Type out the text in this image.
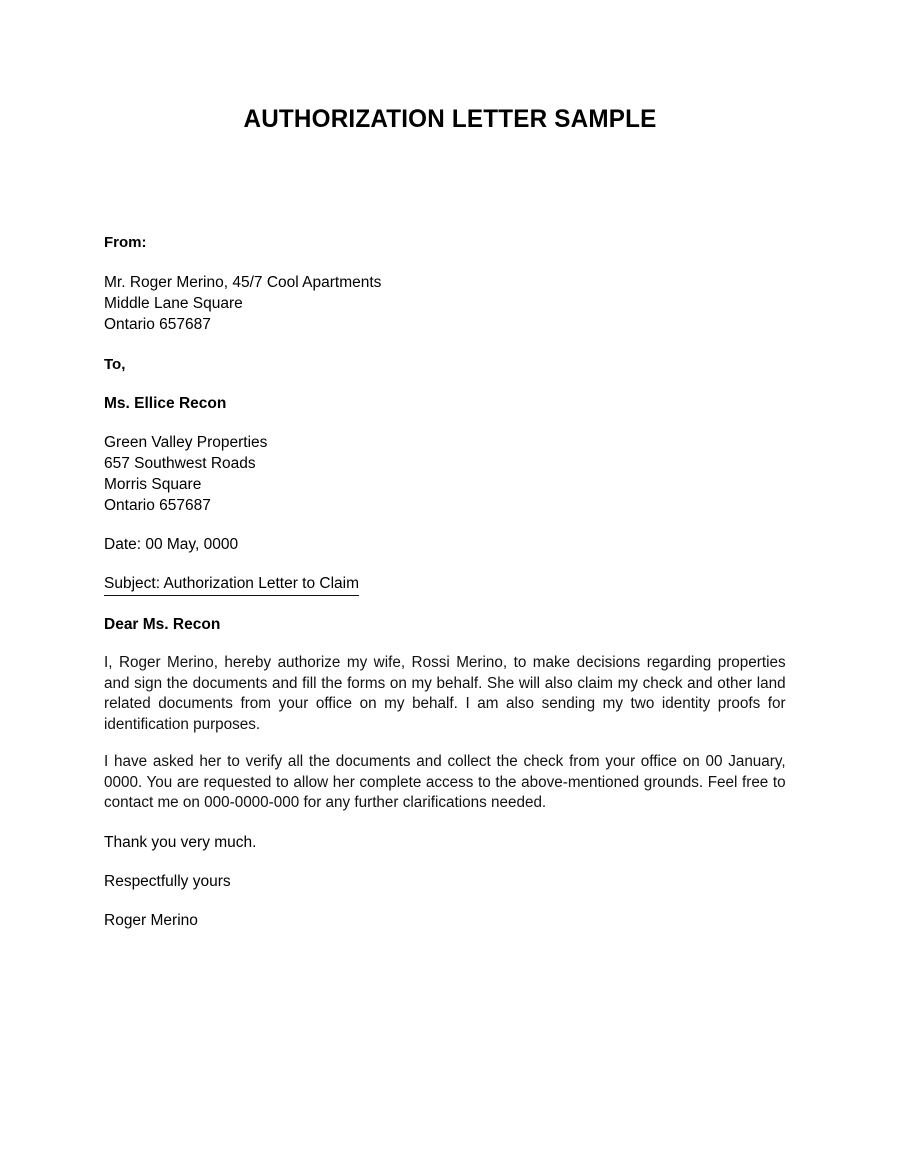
AUTHORIZATION LETTER SAMPLE
From:
Mr. Roger Merino, 45/7 Cool Apartments
Middle Lane Square
Ontario 657687
To,
Ms. Ellice Recon
Green Valley Properties
657 Southwest Roads
Morris Square
Ontario 657687
Date: 00 May, 0000
Subject: Authorization Letter to Claim
Dear Ms. Recon

I, Roger Merino, hereby authorize my wife, Rossi Merino, to make decisions regarding properties and sign the documents and fill the forms on my behalf. She will also claim my check and other land related documents from your office on my behalf. I am also sending my two identity proofs for identification purposes.

I have asked her to verify all the documents and collect the check from your office on 00 January, 0000. You are requested to allow her complete access to the above-mentioned grounds. Feel free to contact me on 000-0000-000 for any further clarifications needed.

Thank you very much.
Respectfully yours
Roger Merino
